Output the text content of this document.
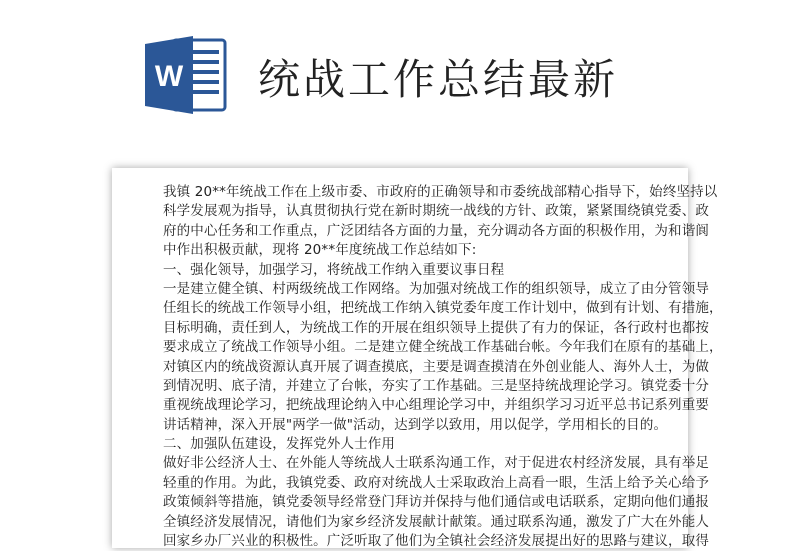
W 统战工作总结最新
我镇 20**年统战工作在上级市委、市政府的正确领导和市委统战部精心指导下，始终坚持以
科学发展观为指导，认真贯彻执行党在新时期统一战线的方针、政策，紧紧围绕镇党委、政
府的中心任务和工作重点，广泛团结各方面的力量，充分调动各方面的积极作用，为和谐阆
中作出积极贡献，现将 20**年度统战工作总结如下:
一、强化领导，加强学习，将统战工作纳入重要议事日程
一是建立健全镇、村两级统战工作网络。为加强对统战工作的组织领导，成立了由分管领导
任组长的统战工作领导小组，把统战工作纳入镇党委年度工作计划中，做到有计划、有措施，
目标明确，责任到人，为统战工作的开展在组织领导上提供了有力的保证，各行政村也都按
要求成立了统战工作领导小组。二是建立健全统战工作基础台帐。今年我们在原有的基础上，
对镇区内的统战资源认真开展了调查摸底，主要是调查摸清在外创业能人、海外人士，为做
到情况明、底子清，并建立了台帐，夯实了工作基础。三是坚持统战理论学习。镇党委十分
重视统战理论学习，把统战理论纳入中心组理论学习中，并组织学习习近平总书记系列重要
讲话精神，深入开展"两学一做"活动，达到学以致用，用以促学，学用相长的目的。
二、加强队伍建设，发挥党外人士作用
做好非公经济人士、在外能人等统战人士联系沟通工作，对于促进农村经济发展，具有举足
轻重的作用。为此，我镇党委、政府对统战人士采取政治上高看一眼，生活上给予关心给予
政策倾斜等措施，镇党委领导经常登门拜访并保持与他们通信或电话联系，定期向他们通报
全镇经济发展情况，请他们为家乡经济发展献计献策。通过联系沟通，激发了广大在外能人
回家乡办厂兴业的积极性。广泛听取了他们为全镇社会经济发展提出好的思路与建议，取得
